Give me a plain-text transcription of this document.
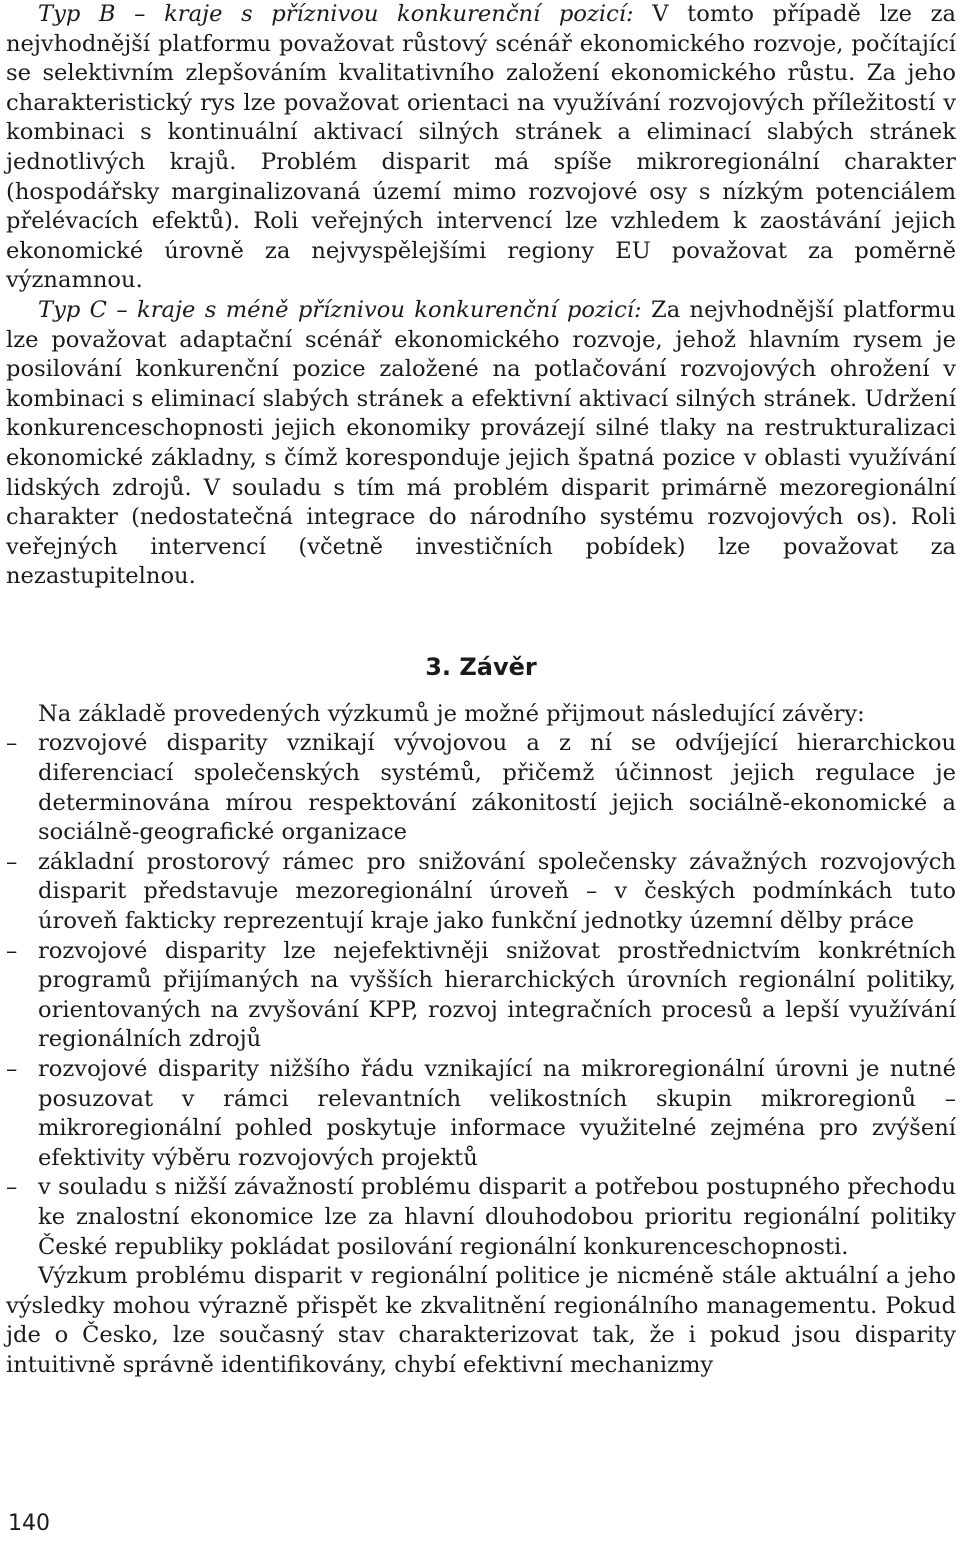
Typ B – kraje s příznivou konkurenční pozicí: V tomto případě lze za nejvhodnější platformu považovat růstový scénář ekonomického rozvoje, počítající se selektivním zlepšováním kvalitativního založení ekonomického růstu. Za jeho charakteristický rys lze považovat orientaci na využívání rozvojových příležitostí v kombinaci s kontinuální aktivací silných stránek a eliminací slabých stránek jednotlivých krajů. Problém disparit má spíše mikroregionální charakter (hospodářsky marginalizovaná území mimo rozvojové osy s nízkým potenciálem přelévacích efektů). Roli veřejných intervencí lze vzhledem k zaostávání jejich ekonomické úrovně za nejvyspělejšími regiony EU považovat za poměrně významnou.

Typ C – kraje s méně příznivou konkurenční pozicí: Za nejvhodnější platformu lze považovat adaptační scénář ekonomického rozvoje, jehož hlavním rysem je posilování konkurenční pozice založené na potlačování rozvojových ohrožení v kombinaci s eliminací slabých stránek a efektivní aktivací silných stránek. Udržení konkurenceschopnosti jejich ekonomiky provázejí silné tlaky na restrukturalizaci ekonomické základny, s čímž koresponduje jejich špatná pozice v oblasti využívání lidských zdrojů. V souladu s tím má problém disparit primárně mezoregionální charakter (nedostatečná integrace do národního systému rozvojových os). Roli veřejných intervencí (včetně investičních pobídek) lze považovat za nezastupitelnou.

3. Závěr

Na základě provedených výzkumů je možné přijmout následující závěry:

– rozvojové disparity vznikají vývojovou a z ní se odvíjející hierarchickou diferenciací společenských systémů, přičemž účinnost jejich regulace je determinována mírou respektování zákonitostí jejich sociálně-ekonomické a sociálně-geografické organizace
– základní prostorový rámec pro snižování společensky závažných rozvojových disparit představuje mezoregionální úroveň – v českých podmínkách tuto úroveň fakticky reprezentují kraje jako funkční jednotky územní dělby práce
– rozvojové disparity lze nejefektivněji snižovat prostřednictvím konkrétních programů přijímaných na vyšších hierarchických úrovních regionální politiky, orientovaných na zvyšování KPP, rozvoj integračních procesů a lepší využívání regionálních zdrojů
– rozvojové disparity nižšího řádu vznikající na mikroregionální úrovni je nutné posuzovat v rámci relevantních velikostních skupin mikroregionů – mikroregionální pohled poskytuje informace využitelné zejména pro zvýšení efektivity výběru rozvojových projektů
– v souladu s nižší závažností problému disparit a potřebou postupného přechodu ke znalostní ekonomice lze za hlavní dlouhodobou prioritu regionální politiky České republiky pokládat posilování regionální konkurenceschopnosti.

Výzkum problému disparit v regionální politice je nicméně stále aktuální a jeho výsledky mohou výrazně přispět ke zkvalitnění regionálního managementu. Pokud jde o Česko, lze současný stav charakterizovat tak, že i pokud jsou disparity intuitivně správně identifikovány, chybí efektivní mechanizmy

140
